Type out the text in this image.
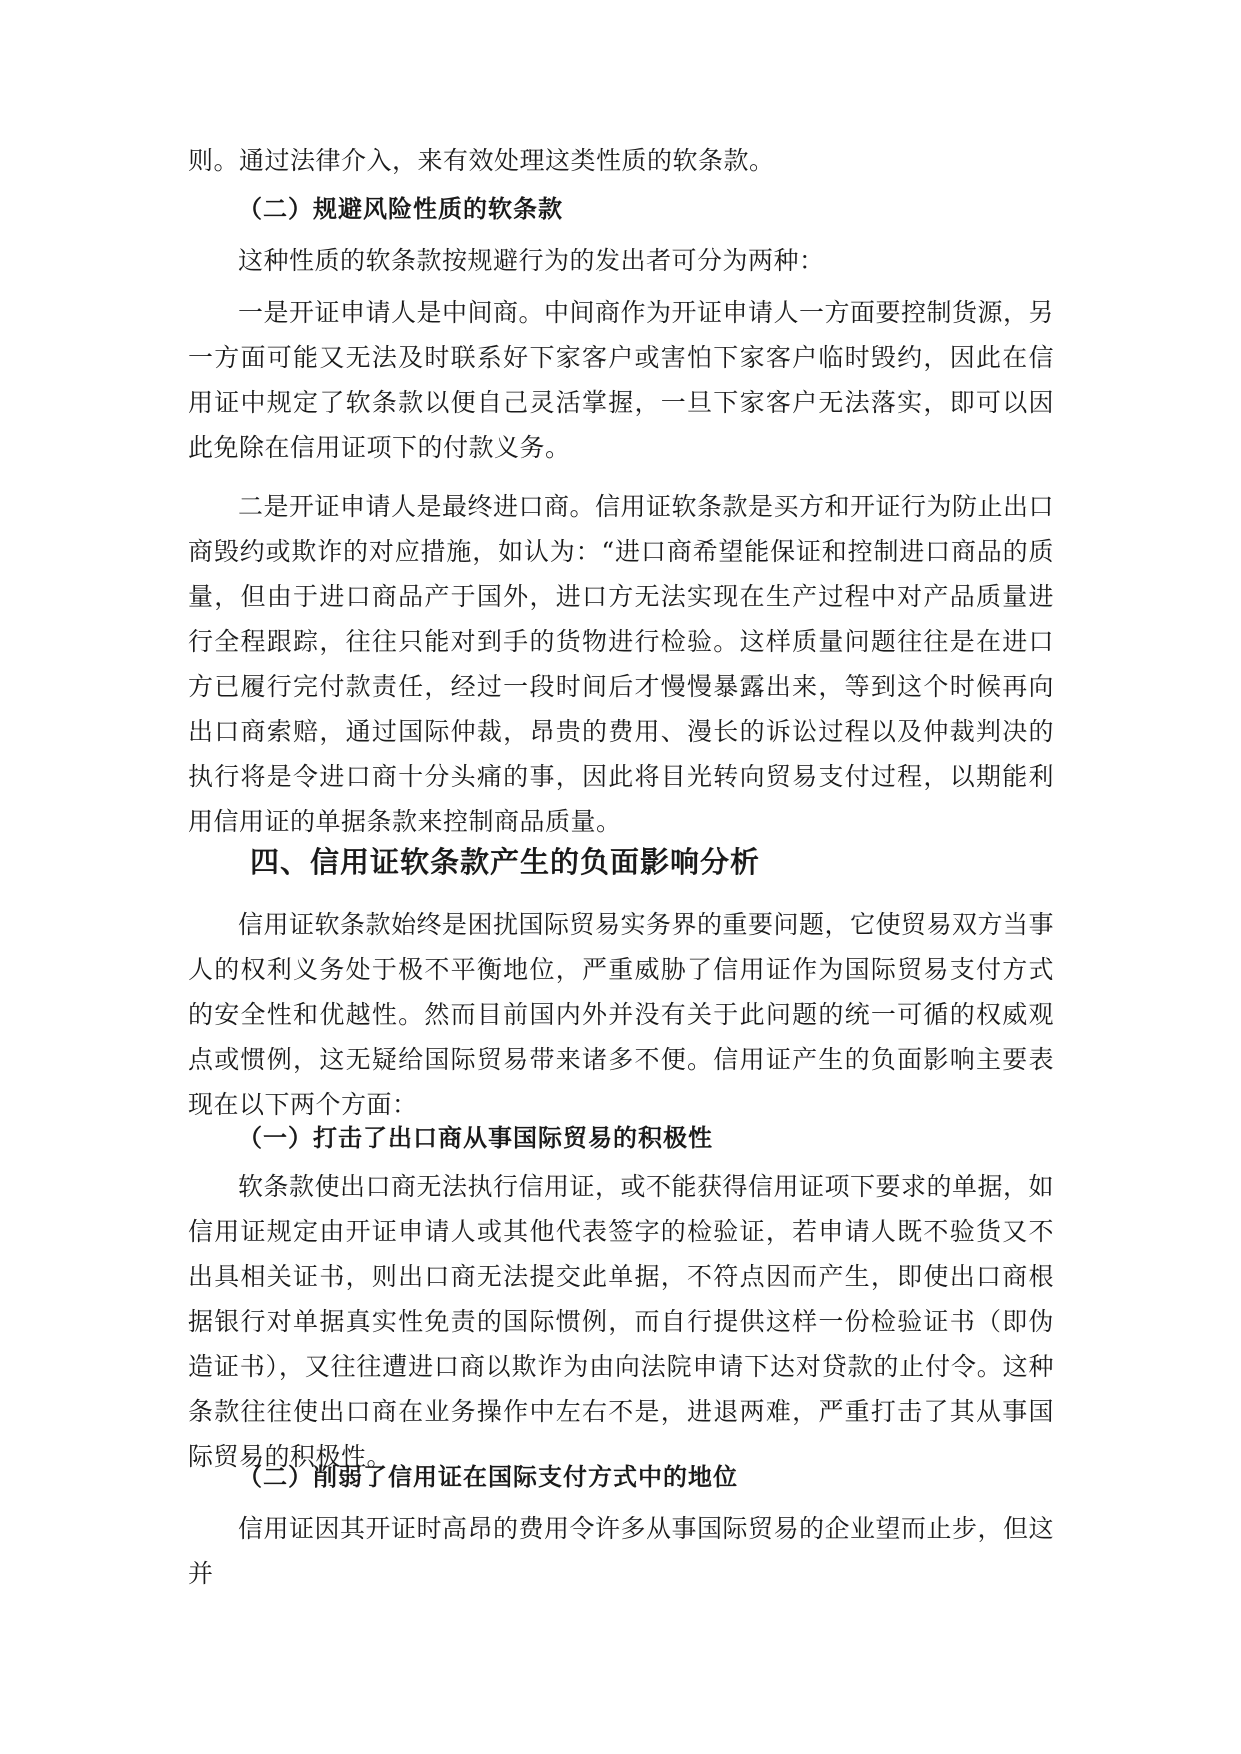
则。通过法律介入，来有效处理这类性质的软条款。

（二）规避风险性质的软条款

这种性质的软条款按规避行为的发出者可分为两种：

一是开证申请人是中间商。中间商作为开证申请人一方面要控制货源，另一方面可能又无法及时联系好下家客户或害怕下家客户临时毁约，因此在信用证中规定了软条款以便自己灵活掌握，一旦下家客户无法落实，即可以因此免除在信用证项下的付款义务。

二是开证申请人是最终进口商。信用证软条款是买方和开证行为防止出口商毁约或欺诈的对应措施，如认为：“进口商希望能保证和控制进口商品的质量，但由于进口商品产于国外，进口方无法实现在生产过程中对产品质量进行全程跟踪，往往只能对到手的货物进行检验。这样质量问题往往是在进口方已履行完付款责任，经过一段时间后才慢慢暴露出来，等到这个时候再向出口商索赔，通过国际仲裁，昂贵的费用、漫长的诉讼过程以及仲裁判决的执行将是令进口商十分头痛的事，因此将目光转向贸易支付过程，以期能利用信用证的单据条款来控制商品质量。

四、信用证软条款产生的负面影响分析

信用证软条款始终是困扰国际贸易实务界的重要问题，它使贸易双方当事人的权利义务处于极不平衡地位，严重威胁了信用证作为国际贸易支付方式的安全性和优越性。然而目前国内外并没有关于此问题的统一可循的权威观点或惯例，这无疑给国际贸易带来诸多不便。信用证产生的负面影响主要表现在以下两个方面：

（一）打击了出口商从事国际贸易的积极性

软条款使出口商无法执行信用证，或不能获得信用证项下要求的单据，如信用证规定由开证申请人或其他代表签字的检验证，若申请人既不验货又不出具相关证书，则出口商无法提交此单据，不符点因而产生，即使出口商根据银行对单据真实性免责的国际惯例，而自行提供这样一份检验证书（即伪造证书），又往往遭进口商以欺诈为由向法院申请下达对贷款的止付令。这种条款往往使出口商在业务操作中左右不是，进退两难，严重打击了其从事国际贸易的积极性。

（二）削弱了信用证在国际支付方式中的地位

信用证因其开证时高昂的费用令许多从事国际贸易的企业望而止步，但这并
